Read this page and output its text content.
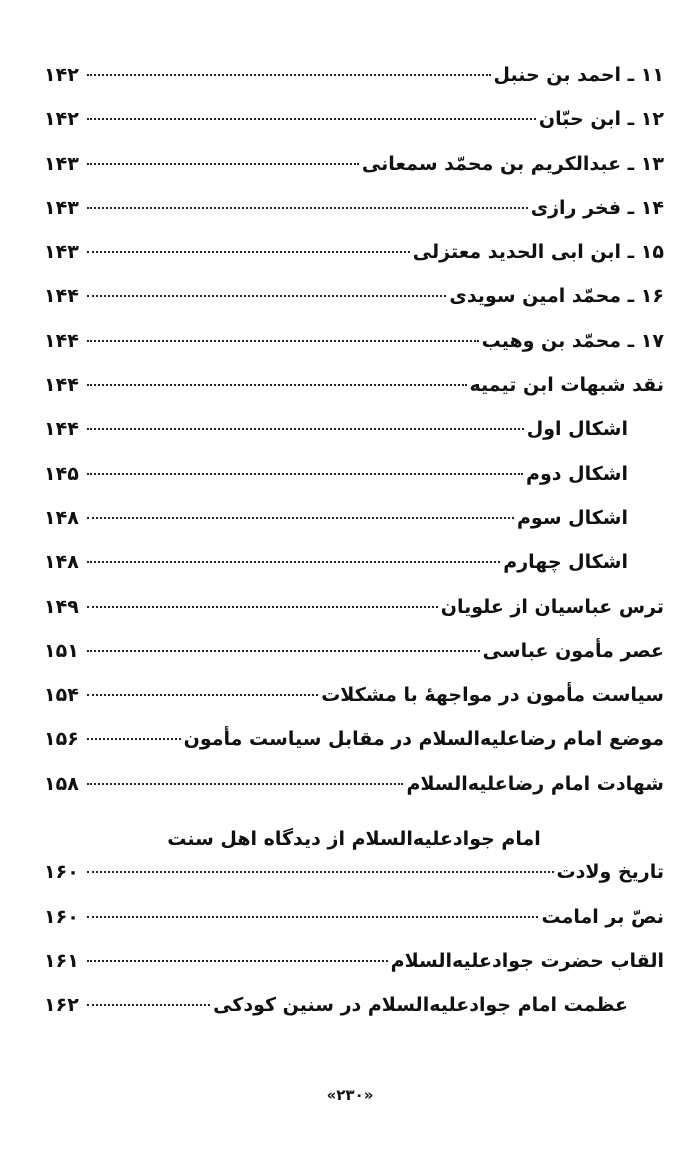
۱۱ ـ احمد بن حنبل
۱۴۲
۱۲ ـ ابن حبّان
۱۴۲
۱۳ ـ عبدالکریم بن محمّد سمعانی
۱۴۳
۱۴ ـ فخر رازی
۱۴۳
۱۵ ـ ابن ابی الحدید معتزلی
۱۴۳
۱۶ ـ محمّد امین سویدی
۱۴۴
۱۷ ـ محمّد بن وهیب
۱۴۴
نقد شبهات ابن تیمیه
۱۴۴
اشکال اول
۱۴۴
اشکال دوم
۱۴۵
اشکال سوم
۱۴۸
اشکال چهارم
۱۴۸
ترس عباسیان از علویان
۱۴۹
عصر مأمون عباسی
۱۵۱
سیاست مأمون در مواجههٔ با مشکلات
۱۵۴
موضع امام رضاعلیه‌السلام در مقابل سیاست مأمون
۱۵۶
شهادت امام رضاعلیه‌السلام
۱۵۸
امام جوادعلیه‌السلام از دیدگاه اهل سنت
تاریخ ولادت
۱۶۰
نصّ بر امامت
۱۶۰
القاب حضرت جوادعلیه‌السلام
۱۶۱
عظمت امام جوادعلیه‌السلام در سنین کودکی
۱۶۲
«۲۳۰»
